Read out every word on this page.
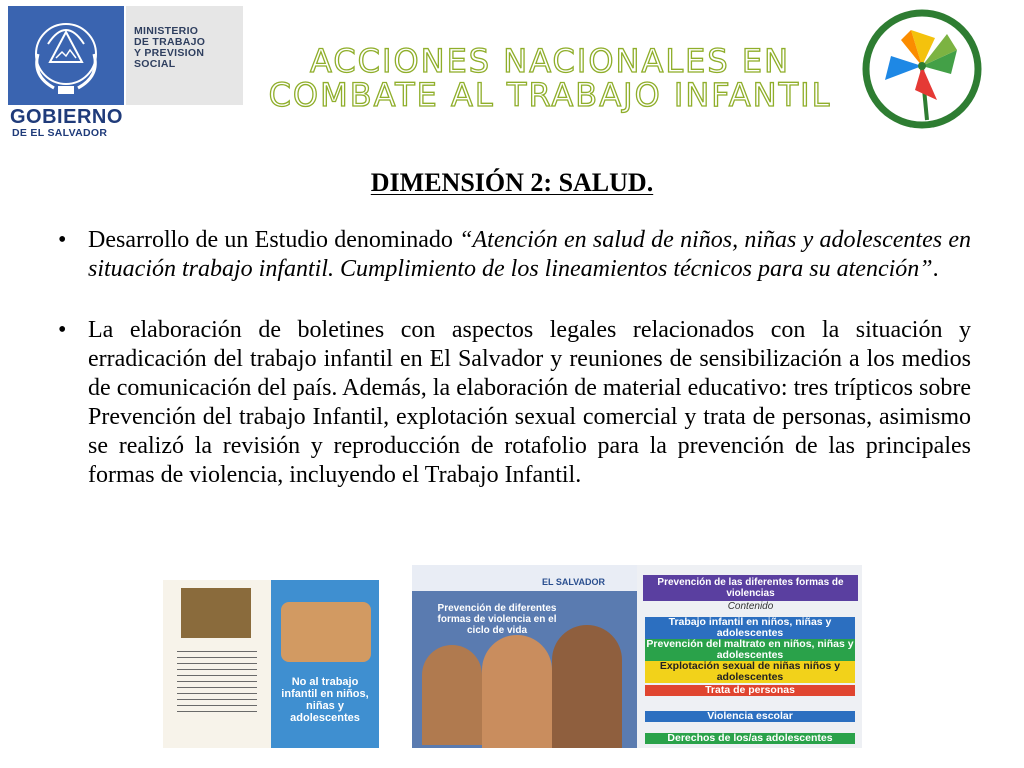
MINISTERIO
DE TRABAJO
Y PREVISION
SOCIAL
GOBIERNO
DE EL SALVADOR
ACCIONES NACIONALES EN COMBATE AL TRABAJO INFANTIL
DIMENSIÓN 2: SALUD.
• Desarrollo de un Estudio denominado “Atención en salud de niños, niñas y adolescentes en situación trabajo infantil. Cumplimiento de los lineamientos técnicos para su atención”.
• La elaboración de boletines con aspectos legales relacionados con la situación y erradicación del trabajo infantil en El Salvador y reuniones de sensibilización a los medios de comunicación del país. Además, la elaboración de material educativo: tres trípticos sobre Prevención del trabajo Infantil, explotación sexual comercial y trata de personas, asimismo se realizó la revisión y reproducción de rotafolio para la prevención de las principales formas de violencia, incluyendo el Trabajo Infantil.
No al trabajo infantil en niños, niñas y adolescentes
EL SALVADOR
Prevención de diferentes formas de violencia en el ciclo de vida
Prevención de las diferentes formas de violencias
Contenido
Trabajo infantil en niños, niñas y adolescentes
Prevención del maltrato en niños, niñas y adolescentes
Explotación sexual de niñas niños y adolescentes
Trata de personas
Violencia escolar
Derechos de los/as adolescentes
